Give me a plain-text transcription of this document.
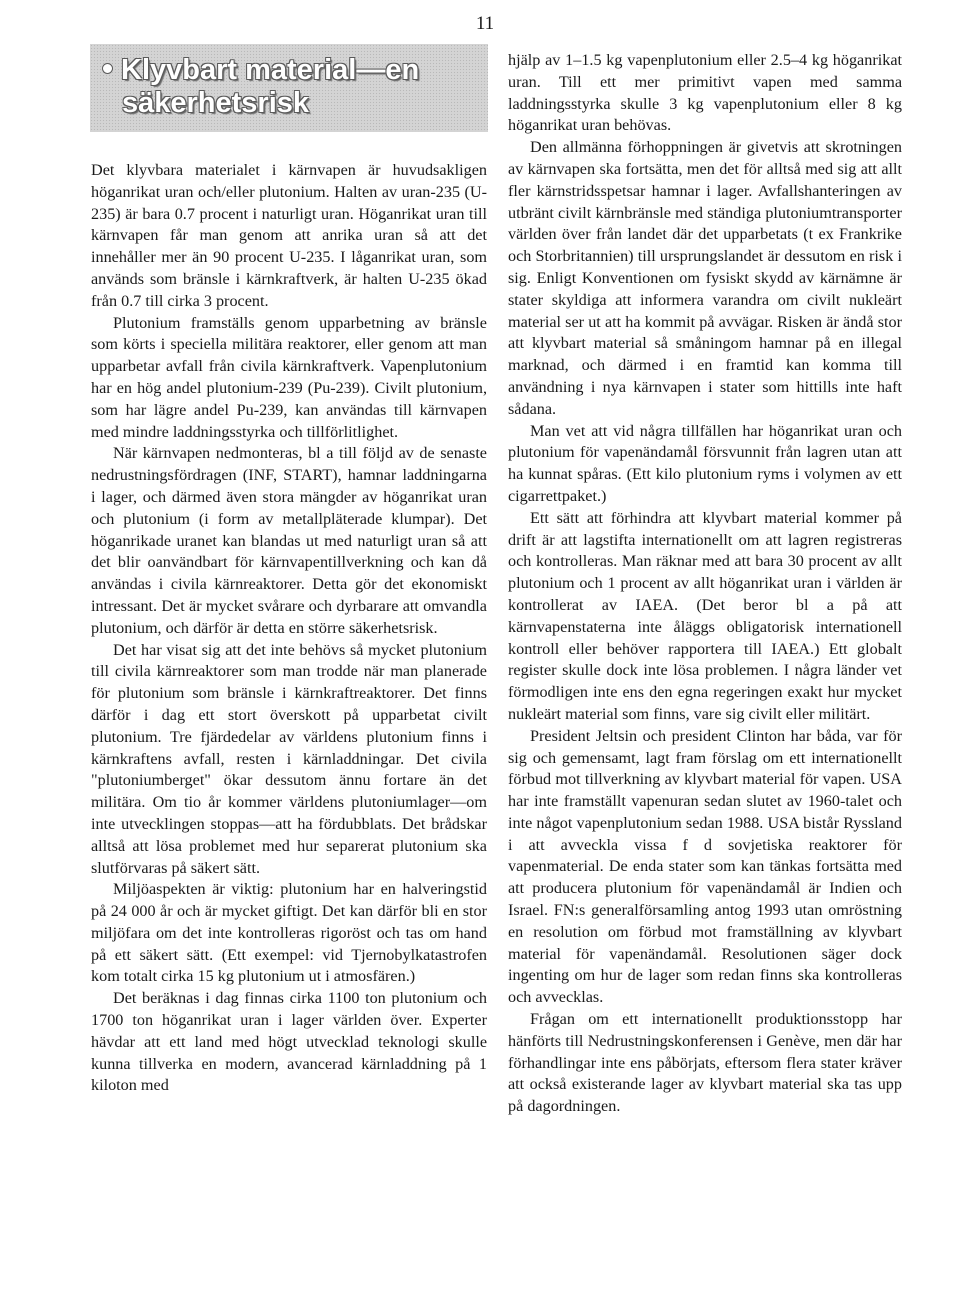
11
Klyvbart material—en
säkerhetsrisk

Det klyvbara materialet i kärnvapen är huvudsakligen höganrikat uran och/eller plutonium. Halten av uran-235 (U-235) är bara 0.7 procent i naturligt uran. Höganrikat uran till kärnvapen får man genom att anrika uran så att det innehåller mer än 90 procent U-235. I låganrikat uran, som används som bränsle i kärnkraftverk, är halten U-235 ökad från 0.7 till cirka 3 procent.

Plutonium framställs genom upparbetning av bränsle som körts i speciella militära reaktorer, eller genom att man upparbetar avfall från civila kärnkraftverk. Vapenplutonium har en hög andel plutonium-239 (Pu-239). Civilt plutonium, som har lägre andel Pu-239, kan användas till kärnvapen med mindre laddningsstyrka och tillförlitlighet.

När kärnvapen nedmonteras, bl a till följd av de senaste nedrustningsfördragen (INF, START), hamnar laddningarna i lager, och därmed även stora mängder av höganrikat uran och plutonium (i form av metallpläterade klumpar). Det höganrikade uranet kan blandas ut med naturligt uran så att det blir oanvändbart för kärnvapentillverkning och kan då användas i civila kärnreaktorer. Detta gör det ekonomiskt intressant. Det är mycket svårare och dyrbarare att omvandla plutonium, och därför är detta en större säkerhetsrisk.

Det har visat sig att det inte behövs så mycket plutonium till civila kärnreaktorer som man trodde när man planerade för plutonium som bränsle i kärnkraftreaktorer. Det finns därför i dag ett stort överskott på upparbetat civilt plutonium. Tre fjärdedelar av världens plutonium finns i kärnkraftens avfall, resten i kärnladdningar. Det civila "plutoniumberget" ökar dessutom ännu fortare än det militära. Om tio år kommer världens plutoniumlager—om inte utvecklingen stoppas—att ha fördubblats. Det brådskar alltså att lösa problemet med hur separerat plutonium ska slutförvaras på säkert sätt.

Miljöaspekten är viktig: plutonium har en halveringstid på 24 000 år och är mycket giftigt. Det kan därför bli en stor miljöfara om det inte kontrolleras rigoröst och tas om hand på ett säkert sätt. (Ett exempel: vid Tjernobylkatastrofen kom totalt cirka 15 kg plutonium ut i atmosfären.)

Det beräknas i dag finnas cirka 1100 ton plutonium och 1700 ton höganrikat uran i lager världen över. Experter hävdar att ett land med högt utvecklad teknologi skulle kunna tillverka en modern, avancerad kärnladdning på 1 kiloton med

hjälp av 1–1.5 kg vapenplutonium eller 2.5–4 kg höganrikat uran. Till ett mer primitivt vapen med samma laddningsstyrka skulle 3 kg vapenplutonium eller 8 kg höganrikat uran behövas.

Den allmänna förhoppningen är givetvis att skrotningen av kärnvapen ska fortsätta, men det för alltså med sig att allt fler kärnstridsspetsar hamnar i lager. Avfallshanteringen av utbränt civilt kärnbränsle med ständiga plutoniumtransporter världen över från landet där det upparbetats (t ex Frankrike och Storbritannien) till ursprungslandet är dessutom en risk i sig. Enligt Konventionen om fysiskt skydd av kärnämne är stater skyldiga att informera varandra om civilt nukleärt material ser ut att ha kommit på avvägar. Risken är ändå stor att klyvbart material så småningom hamnar på en illegal marknad, och därmed i en framtid kan komma till användning i nya kärnvapen i stater som hittills inte haft sådana.

Man vet att vid några tillfällen har höganrikat uran och plutonium för vapenändamål försvunnit från lagren utan att ha kunnat spåras. (Ett kilo plutonium ryms i volymen av ett cigarrettpaket.)

Ett sätt att förhindra att klyvbart material kommer på drift är att lagstifta internationellt om att lagren registreras och kontrolleras. Man räknar med att bara 30 procent av allt plutonium och 1 procent av allt höganrikat uran i världen är kontrollerat av IAEA. (Det beror bl a på att kärnvapenstaterna inte åläggs obligatorisk internationell kontroll eller behöver rapportera till IAEA.) Ett globalt register skulle dock inte lösa problemen. I några länder vet förmodligen inte ens den egna regeringen exakt hur mycket nukleärt material som finns, vare sig civilt eller militärt.

President Jeltsin och president Clinton har båda, var för sig och gemensamt, lagt fram förslag om ett internationellt förbud mot tillverkning av klyvbart material för vapen. USA har inte framställt vapenuran sedan slutet av 1960-talet och inte något vapenplutonium sedan 1988. USA bistår Ryssland i att avveckla vissa f d sovjetiska reaktorer för vapenmaterial. De enda stater som kan tänkas fortsätta med att producera plutonium för vapenändamål är Indien och Israel. FN:s generalförsamling antog 1993 utan omröstning en resolution om förbud mot framställning av klyvbart material för vapenändamål. Resolutionen säger dock ingenting om hur de lager som redan finns ska kontrolleras och avvecklas.

Frågan om ett internationellt produktionsstopp har hänförts till Nedrustningskonferensen i Genève, men där har förhandlingar inte ens påbörjats, eftersom flera stater kräver att också existerande lager av klyvbart material ska tas upp på dagordningen.
